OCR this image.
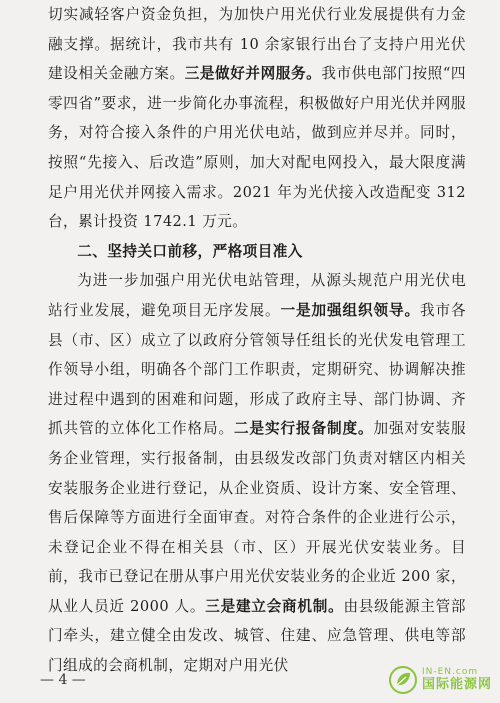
切实减轻客户资金负担，为加快户用光伏行业发展提供有力金融支撑。据统计，我市共有 10 余家银行出台了支持户用光伏建设相关金融方案。三是做好并网服务。我市供电部门按照“四零四省”要求，进一步简化办事流程，积极做好户用光伏并网服务，对符合接入条件的户用光伏电站，做到应并尽并。同时，按照“先接入、后改造”原则，加大对配电网投入，最大限度满足户用光伏并网接入需求。2021 年为光伏接入改造配变 312 台，累计投资 1742.1 万元。

二、坚持关口前移，严格项目准入

为进一步加强户用光伏电站管理，从源头规范户用光伏电站行业发展，避免项目无序发展。一是加强组织领导。我市各县（市、区）成立了以政府分管领导任组长的光伏发电管理工作领导小组，明确各个部门工作职责，定期研究、协调解决推进过程中遇到的困难和问题，形成了政府主导、部门协调、齐抓共管的立体化工作格局。二是实行报备制度。加强对安装服务企业管理，实行报备制，由县级发改部门负责对辖区内相关安装服务企业进行登记，从企业资质、设计方案、安全管理、售后保障等方面进行全面审查。对符合条件的企业进行公示，未登记企业不得在相关县（市、区）开展光伏安装业务。目前，我市已登记在册从事户用光伏安装业务的企业近 200 家，从业人员近 2000 人。三是建立会商机制。由县级能源主管部门牵头，建立健全由发改、城管、住建、应急管理、供电等部门组成的会商机制，定期对户用光伏

— 4 —
IN-EN.com
国际能源网
